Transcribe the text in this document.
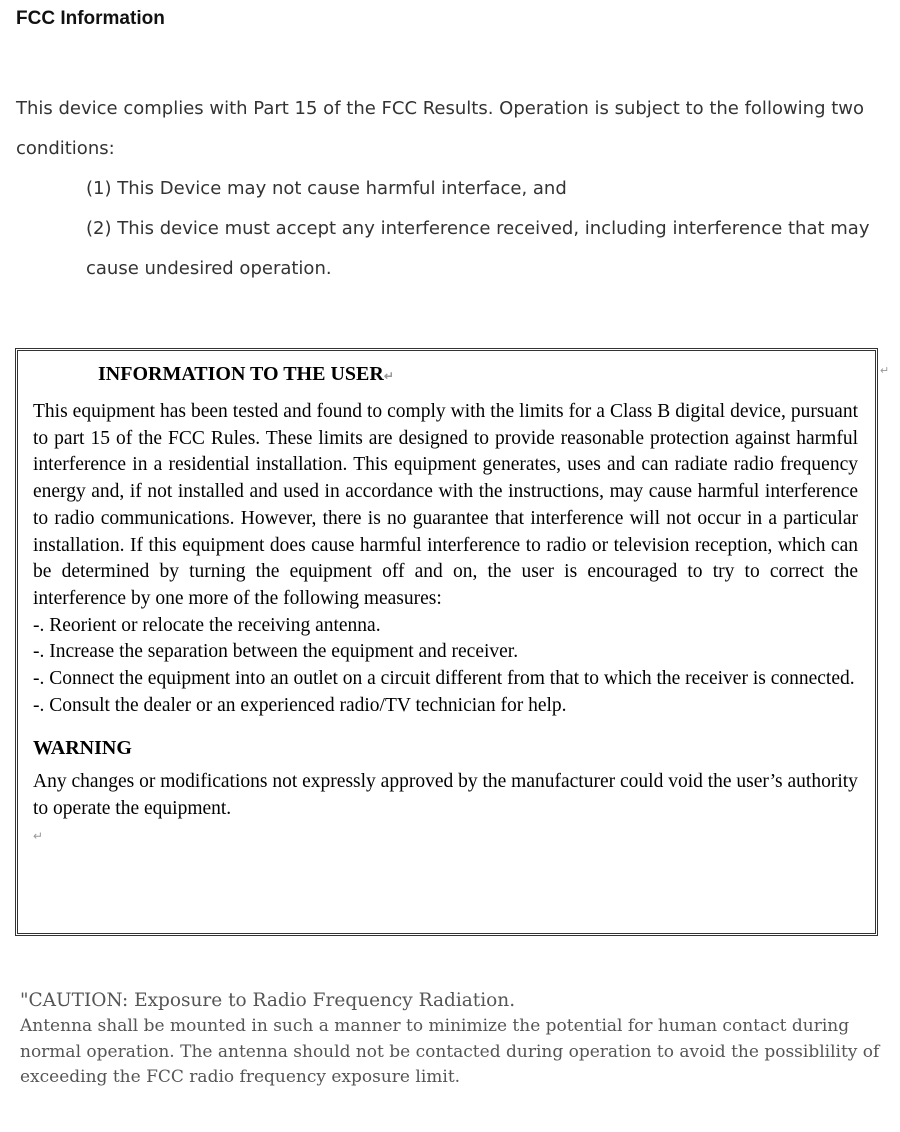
FCC Information

This device complies with Part 15 of the FCC Results. Operation is subject to the following two conditions:

(1) This Device may not cause harmful interface, and

(2) This device must accept any interference received, including interference that may cause undesired operation.

INFORMATION TO THE USER↵

This equipment has been tested and found to comply with the limits for a Class B digital device, pursuant to part 15 of the FCC Rules. These limits are designed to provide reasonable protection against harmful interference in a residential installation. This equipment generates, uses and can radiate radio frequency energy and, if not installed and used in accordance with the instructions, may cause harmful interference to radio communications. However, there is no guarantee that interference will not occur in a particular installation. If this equipment does cause harmful interference to radio or television reception, which can be determined by turning the equipment off and on, the user is encouraged to try to correct the interference by one more of the following measures:

-. Reorient or relocate the receiving antenna.

-. Increase the separation between the equipment and receiver.

-. Connect the equipment into an outlet on a circuit different from that to which the receiver is connected.

-. Consult the dealer or an experienced radio/TV technician for help.

WARNING

Any changes or modifications not expressly approved by the manufacturer could void the user’s authority to operate the equipment.

↵
↵

"CAUTION: Exposure to Radio Frequency Radiation.

Antenna shall be mounted in such a manner to minimize the potential for human contact during normal operation. The antenna should not be contacted during operation to avoid the possiblility of exceeding the FCC radio frequency exposure limit.
